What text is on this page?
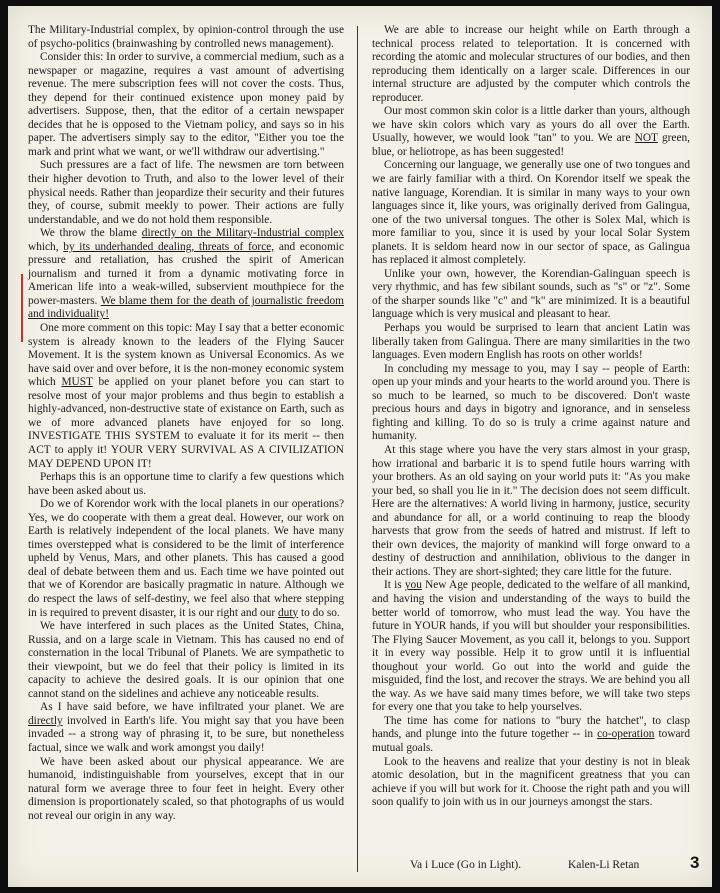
The Military-Industrial complex, by opinion-control through the use of psycho-politics (brainwashing by controlled news management).

Consider this: In order to survive, a commercial medium, such as a newspaper or magazine, requires a vast amount of advertising revenue. The mere subscription fees will not cover the costs. Thus, they depend for their continued existence upon money paid by advertisers. Suppose, then, that the editor of a certain newspaper decides that he is opposed to the Vietnam policy, and says so in his paper. The advertisers simply say to the editor, "Either you toe the mark and print what we want, or we'll withdraw our advertising."

Such pressures are a fact of life. The newsmen are torn between their higher devotion to Truth, and also to the lower level of their physical needs. Rather than jeopardize their security and their futures they, of course, submit meekly to power. Their actions are fully understandable, and we do not hold them responsible.

We throw the blame directly on the Military-Industrial complex which, by its underhanded dealing, threats of force, and economic pressure and retaliation, has crushed the spirit of American journalism and turned it from a dynamic motivating force in American life into a weak-willed, subservient mouthpiece for the power-masters. We blame them for the death of journalistic freedom and individuality!

One more comment on this topic: May I say that a better economic system is already known to the leaders of the Flying Saucer Movement. It is the system known as Universal Economics. As we have said over and over before, it is the non-money economic system which MUST be applied on your planet before you can start to resolve most of your major problems and thus begin to establish a highly-advanced, non-destructive state of existance on Earth, such as we of more advanced planets have enjoyed for so long. INVESTIGATE THIS SYSTEM to evaluate it for its merit -- then ACT to apply it! YOUR VERY SURVIVAL AS A CIVILIZATION MAY DEPEND UPON IT!

Perhaps this is an opportune time to clarify a few questions which have been asked about us.

Do we of Korendor work with the local planets in our operations? Yes, we do cooperate with them a great deal. However, our work on Earth is relatively independent of the local planets. We have many times overstepped what is considered to be the limit of interference upheld by Venus, Mars, and other planets. This has caused a good deal of debate between them and us. Each time we have pointed out that we of Korendor are basically pragmatic in nature. Although we do respect the laws of self-destiny, we feel also that where stepping in is required to prevent disaster, it is our right and our duty to do so.

We have interfered in such places as the United States, China, Russia, and on a large scale in Vietnam. This has caused no end of consternation in the local Tribunal of Planets. We are sympathetic to their viewpoint, but we do feel that their policy is limited in its capacity to achieve the desired goals. It is our opinion that one cannot stand on the sidelines and achieve any noticeable results.

As I have said before, we have infiltrated your planet. We are directly involved in Earth's life. You might say that you have been invaded -- a strong way of phrasing it, to be sure, but nonetheless factual, since we walk and work amongst you daily!

We have been asked about our physical appearance. We are humanoid, indistinguishable from yourselves, except that in our natural form we average three to four feet in height. Every other dimension is proportionately scaled, so that photographs of us would not reveal our origin in any way.

We are able to increase our height while on Earth through a technical process related to teleportation. It is concerned with recording the atomic and molecular structures of our bodies, and then reproducing them identically on a larger scale. Differences in our internal structure are adjusted by the computer which controls the reproducer.

Our most common skin color is a little darker than yours, although we have skin colors which vary as yours do all over the Earth. Usually, however, we would look "tan" to you. We are NOT green, blue, or heliotrope, as has been suggested!

Concerning our language, we generally use one of two tongues and we are fairly familiar with a third. On Korendor itself we speak the native language, Korendian. It is similar in many ways to your own languages since it, like yours, was originally derived from Galingua, one of the two universal tongues. The other is Solex Mal, which is more familiar to you, since it is used by your local Solar System planets. It is seldom heard now in our sector of space, as Galingua has replaced it almost completely.

Unlike your own, however, the Korendian-Galinguan speech is very rhythmic, and has few sibilant sounds, such as "s" or "z". Some of the sharper sounds like "c" and "k" are minimized. It is a beautiful language which is very musical and pleasant to hear.

Perhaps you would be surprised to learn that ancient Latin was liberally taken from Galingua. There are many similarities in the two languages. Even modern English has roots on other worlds!

In concluding my message to you, may I say -- people of Earth: open up your minds and your hearts to the world around you. There is so much to be learned, so much to be discovered. Don't waste precious hours and days in bigotry and ignorance, and in senseless fighting and killing. To do so is truly a crime against nature and humanity.

At this stage where you have the very stars almost in your grasp, how irrational and barbaric it is to spend futile hours warring with your brothers. As an old saying on your world puts it: "As you make your bed, so shall you lie in it." The decision does not seem difficult. Here are the alternatives: A world living in harmony, justice, security and abundance for all, or a world continuing to reap the bloody harvests that grow from the seeds of hatred and mistrust. If left to their own devices, the majority of mankind will forge onward to a destiny of destruction and annihilation, oblivious to the danger in their actions. They are short-sighted; they care little for the future.

It is you New Age people, dedicated to the welfare of all mankind, and having the vision and understanding of the ways to build the better world of tomorrow, who must lead the way. You have the future in YOUR hands, if you will but shoulder your responsibilities. The Flying Saucer Movement, as you call it, belongs to you. Support it in every way possible. Help it to grow until it is influential thoughout your world. Go out into the world and guide the misguided, find the lost, and recover the strays. We are behind you all the way. As we have said many times before, we will take two steps for every one that you take to help yourselves.

The time has come for nations to "bury the hatchet", to clasp hands, and plunge into the future together -- in co-operation toward mutual goals.

Look to the heavens and realize that your destiny is not in bleak atomic desolation, but in the magnificent greatness that you can achieve if you will but work for it. Choose the right path and you will soon qualify to join with us in our journeys amongst the stars.

Va i Luce (Go in Light).	Kalen-Li Retan	3
